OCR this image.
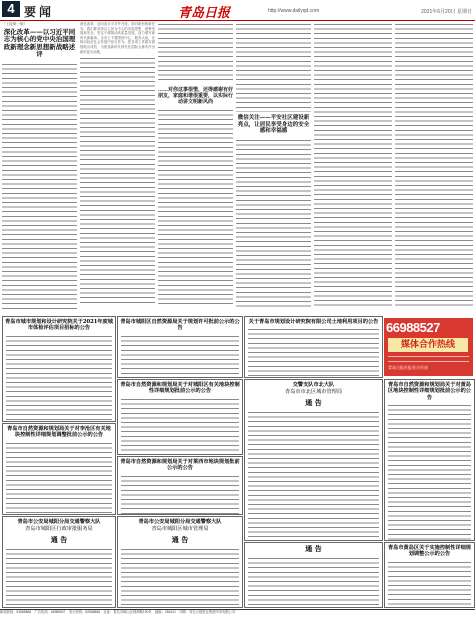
4 要闻	青岛日报	http://www.dailyqd.com	2021年6月20日 星期日
（上接第一版）
深化改革——以习近平同志为核心的党中央治国理政新理念新思想新战略述评
深化改革，迈向高水平对外开放。面对新形势新任务，我们要坚持以人民为中心的发展思想，统筹发展和安全，坚定不移推动高质量发展，奋力谱写新时代新篇章。全市上下要围绕中心、服务大局，在推动经济社会发展中担当作为，把各项工作做实做细做出成效，为建设新时代现代化国际大都市作出新的更大贡献。
……对你这事很惜，还得感谢有好朋友，家庭和谐很重要，以实际行动讲文明新风尚
微信关注——平安社区建设新亮点，让居民享受身边的安全感和幸福感
青岛市城市规划和设计研究院关于2021年度城市体检评估项目招标的公告
青岛市城阳区自然资源局关于规划许可批前公示的公告
关于青岛市规划设计研究院有限公司土地利用项目的公告 66988527
媒体合作热线
青岛日报社报业合作部
青岛市自然资源和规划局关于对城阳区有关地块控制性详细规划批前公示的公告
交警支队市北大队
青岛市市北区城市管理局
通 告
青岛市自然资源和规划局关于对黄岛区地块控制性详细规划批前公示的公告
青岛市自然资源和规划局关于对李沧区有关地块控制性详细规划调整批前公示的公告
青岛市自然资源和规划局关于对莱西市地块规划批前公示的公告
青岛市公安局城阳分局交通警察大队
青岛市城阳区行政审批服务局
通 告
青岛市公安局城阳分局交通警察大队
青岛市城阳区城市管理局
通 告
通 告	青岛市黄岛区关于实施控制性详细规划调整公示的公告
新闻热线：81888888　广告热线：66988527　发行热线：82888888　社址：青岛市崂山区株洲路190号　邮编：266101　印刷：青岛日报报业集团印务有限公司
